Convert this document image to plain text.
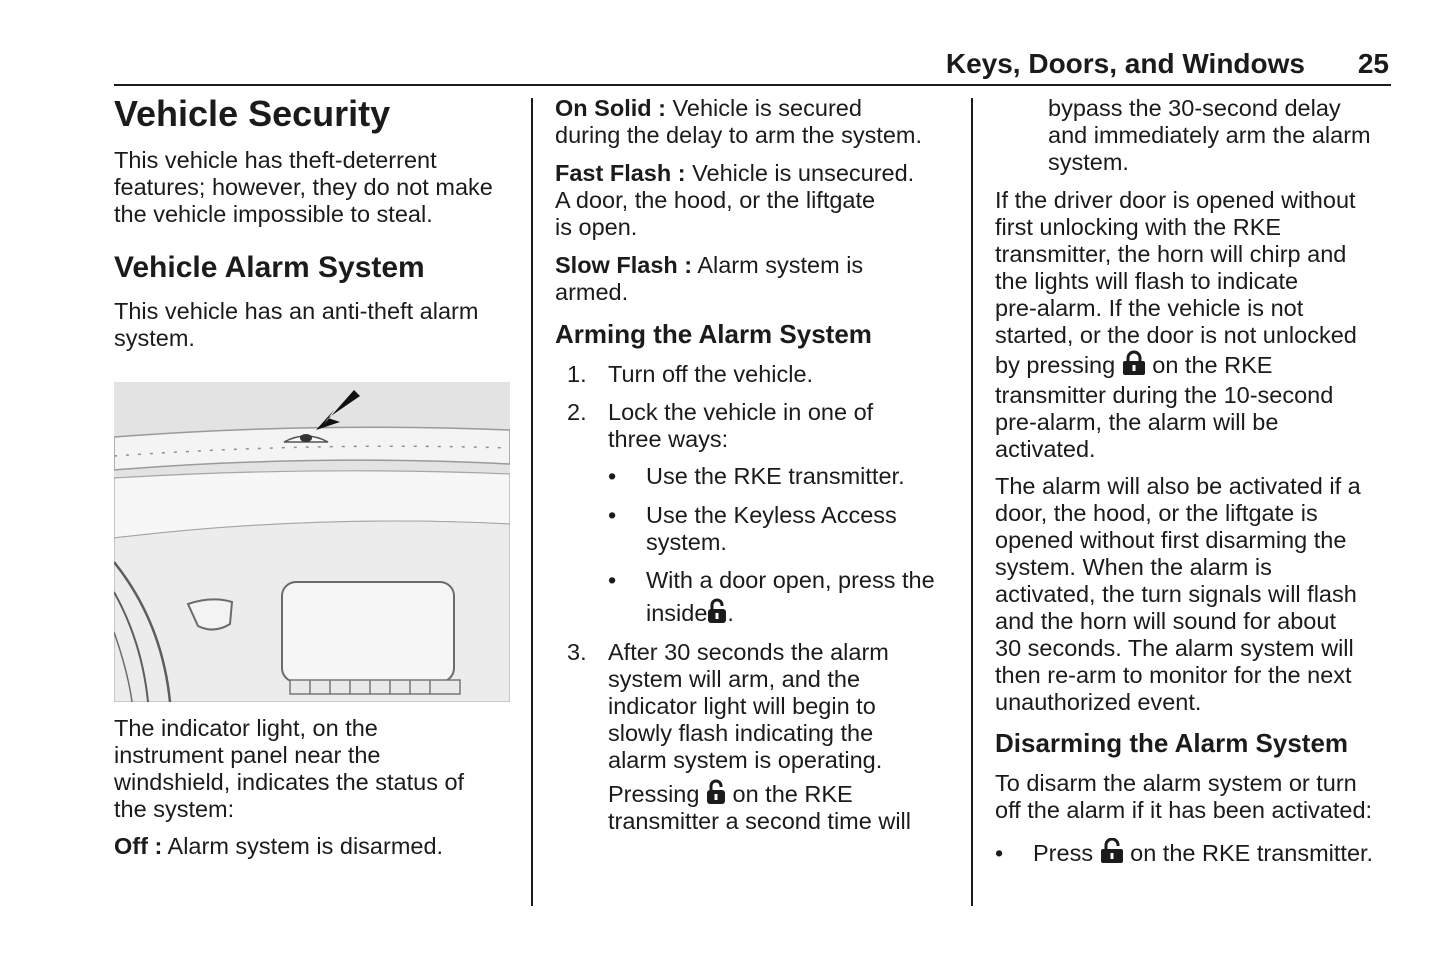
Keys, Doors, and Windows 25
Vehicle Security
This vehicle has theft-deterrent
features; however, they do not make
the vehicle impossible to steal.
Vehicle Alarm System
This vehicle has an anti-theft alarm
system.
The indicator light, on the
instrument panel near the
windshield, indicates the status of
the system:
Off : Alarm system is disarmed.
On Solid : Vehicle is secured
during the delay to arm the system.
Fast Flash : Vehicle is unsecured.
A door, the hood, or the liftgate
is open.
Slow Flash : Alarm system is
armed.
Arming the Alarm System
1. Turn off the vehicle.
2. Lock the vehicle in one of
three ways:
• Use the RKE transmitter.
• Use the Keyless Access
system.
• With a door open, press the
inside .
3. After 30 seconds the alarm
system will arm, and the
indicator light will begin to
slowly flash indicating the
alarm system is operating.
Pressing  on the RKE
transmitter a second time will
bypass the 30-second delay
and immediately arm the alarm
system.
If the driver door is opened without
first unlocking with the RKE
transmitter, the horn will chirp and
the lights will flash to indicate
pre-alarm. If the vehicle is not
started, or the door is not unlocked
by pressing  on the RKE
transmitter during the 10-second
pre-alarm, the alarm will be
activated.
The alarm will also be activated if a
door, the hood, or the liftgate is
opened without first disarming the
system. When the alarm is
activated, the turn signals will flash
and the horn will sound for about
30 seconds. The alarm system will
then re-arm to monitor for the next
unauthorized event.
Disarming the Alarm System
To disarm the alarm system or turn
off the alarm if it has been activated:
• Press  on the RKE transmitter.
